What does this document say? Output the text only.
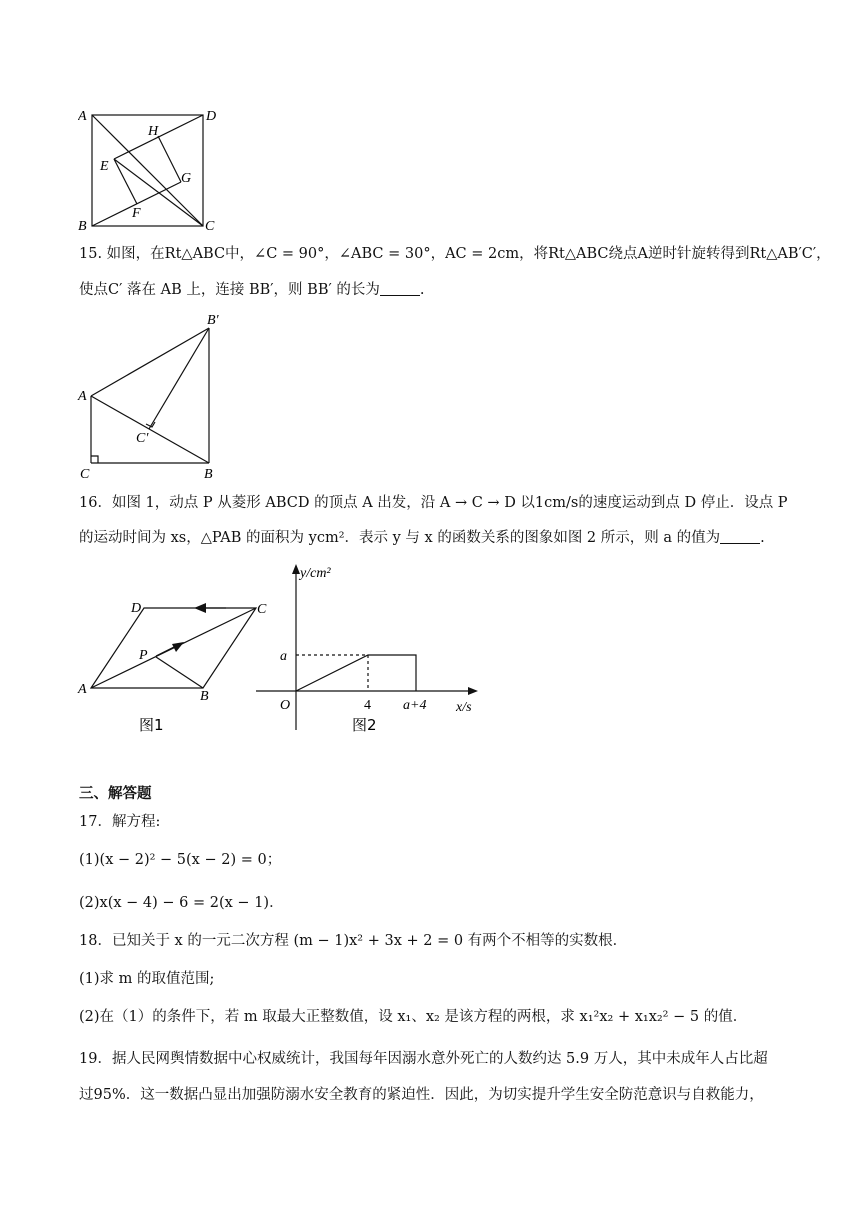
A	D
B	C
H
E
G
F
15. 如图，在Rt△ABC中，∠C = 90°，∠ABC = 30°，AC = 2cm，将Rt△ABC绕点A逆时针旋转得到Rt△AB′C′，
使点C′ 落在 AB 上，连接 BB′，则 BB′ 的长为	.
A
B′
C′
C	B
16．如图 1，动点 P 从菱形 ABCD 的顶点 A 出发，沿 A → C → D 以1cm/s的速度运动到点 D 停止．设点 P
的运动时间为 xs，△PAB 的面积为 ycm²．表示 y 与 x 的函数关系的图象如图 2 所示，则 a 的值为	.
D	C
P
A	B
图1
y/cm²
a
O	4 a+4 x/s
图2
三、解答题
17．解方程:
(1)(x − 2)² − 5(x − 2) = 0；
(2)x(x − 4) − 6 = 2(x − 1)．
18．已知关于 x 的一元二次方程 (m − 1)x² + 3x + 2 = 0 有两个不相等的实数根．
(1)求 m 的取值范围;
(2)在（1）的条件下，若 m 取最大正整数值，设 x₁、x₂ 是该方程的两根，求 x₁²x₂ + x₁x₂² − 5 的值．
19．据人民网舆情数据中心权威统计，我国每年因溺水意外死亡的人数约达 5.9 万人，其中未成年人占比超
过95%．这一数据凸显出加强防溺水安全教育的紧迫性．因此，为切实提升学生安全防范意识与自救能力，
